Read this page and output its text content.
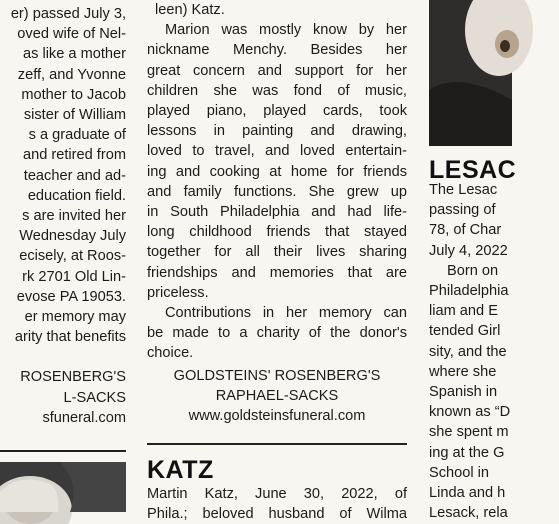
er) passed July 3,
oved wife of Nel-
as like a mother
zeff, and Yvonne
mother to Jacob
sister of William
s a graduate of
and retired from
teacher and ad-
education field.
s are invited her
Wednesday July
ecisely, at Roos-
rk 2701 Old Lin-
evose PA 19053.
er memory may
arity that benefits
ROSENBERG'S
L-SACKS
sfuneral.com
leen) Katz.
Marion was mostly know by her
nickname Menchy. Besides her
great concern and support for her
children she was fond of music,
played piano, played cards, took
lessons in painting and drawing,
loved to travel, and loved entertain-
ing and cooking at home for friends
and family functions. She grew up
in South Philadelphia and had life-
long childhood friends that stayed
together for all their lives sharing
friendships and memories that are
priceless.
Contributions in her memory can
be made to a charity of the donor's
choice.
GOLDSTEINS' ROSENBERG'S
RAPHAEL-SACKS
www.goldsteinsfuneral.com
KATZ
Martin Katz, June 30, 2022, of
Phila.; beloved husband of Wilma
LESAC
The Lesac
passing of
78, of Char
July 4, 2022
Born on
Philadelphia
liam and E
tended Girl
sity, and the
where she
Spanish in
known as “D
she spent m
ing at the G
School in
Linda and h
Lesack, rela
